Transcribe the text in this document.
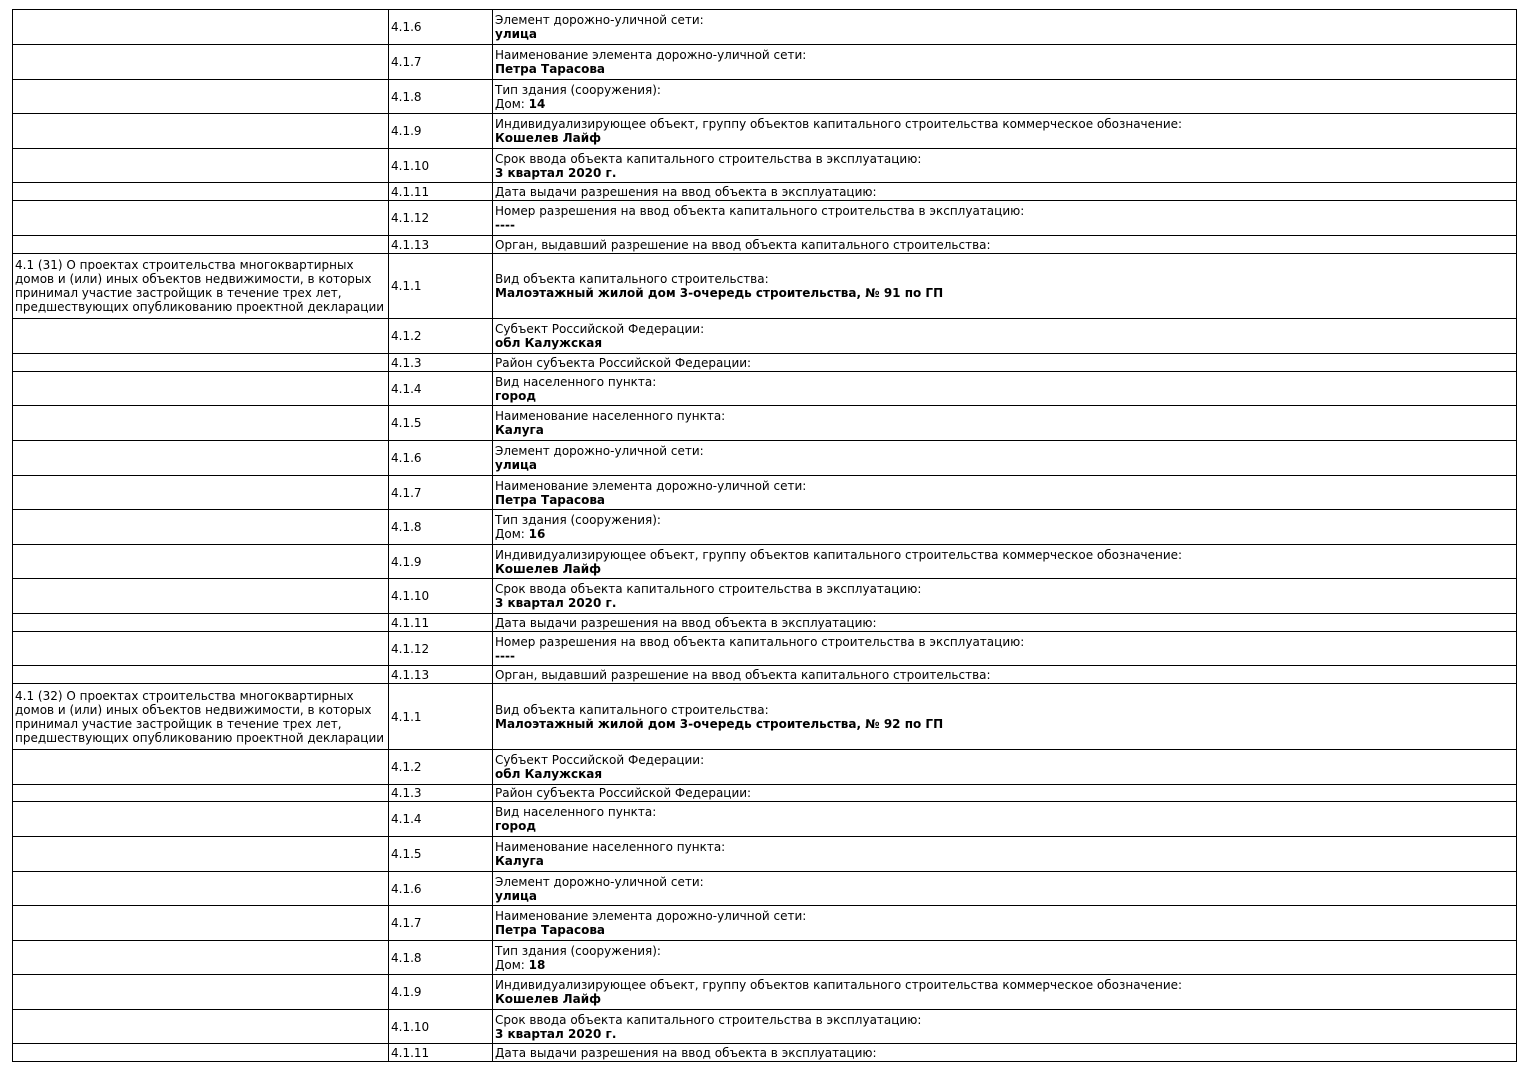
	4.1.6	Элемент дорожно-уличной сети:
улица

	4.1.7	Наименование элемента дорожно-уличной сети:
Петра Тарасова

	4.1.8	Тип здания (сооружения):
Дом: 14

	4.1.9	Индивидуализирующее объект, группу объектов капитального строительства коммерческое обозначение:
Кошелев Лайф

	4.1.10	Срок ввода объекта капитального строительства в эксплуатацию:
3 квартал 2020 г.

	4.1.11	Дата выдачи разрешения на ввод объекта в эксплуатацию:

	4.1.12	Номер разрешения на ввод объекта капитального строительства в эксплуатацию:
----

	4.1.13	Орган, выдавший разрешение на ввод объекта капитального строительства:

4.1 (31) О проектах строительства многоквартирных домов и (или) иных объектов недвижимости, в которых принимал участие застройщик в течение трех лет, предшествующих опубликованию проектной декларации	4.1.1	Вид объекта капитального строительства:
Малоэтажный жилой дом 3-очередь строительства, № 91 по ГП

	4.1.2	Субъект Российской Федерации:
обл Калужская

	4.1.3	Район субъекта Российской Федерации:

	4.1.4	Вид населенного пункта:
город

	4.1.5	Наименование населенного пункта:
Калуга

	4.1.6	Элемент дорожно-уличной сети:
улица

	4.1.7	Наименование элемента дорожно-уличной сети:
Петра Тарасова

	4.1.8	Тип здания (сооружения):
Дом: 16

	4.1.9	Индивидуализирующее объект, группу объектов капитального строительства коммерческое обозначение:
Кошелев Лайф

	4.1.10	Срок ввода объекта капитального строительства в эксплуатацию:
3 квартал 2020 г.

	4.1.11	Дата выдачи разрешения на ввод объекта в эксплуатацию:

	4.1.12	Номер разрешения на ввод объекта капитального строительства в эксплуатацию:
----

	4.1.13	Орган, выдавший разрешение на ввод объекта капитального строительства:

4.1 (32) О проектах строительства многоквартирных домов и (или) иных объектов недвижимости, в которых принимал участие застройщик в течение трех лет, предшествующих опубликованию проектной декларации	4.1.1	Вид объекта капитального строительства:
Малоэтажный жилой дом 3-очередь строительства, № 92 по ГП

	4.1.2	Субъект Российской Федерации:
обл Калужская

	4.1.3	Район субъекта Российской Федерации:

	4.1.4	Вид населенного пункта:
город

	4.1.5	Наименование населенного пункта:
Калуга

	4.1.6	Элемент дорожно-уличной сети:
улица

	4.1.7	Наименование элемента дорожно-уличной сети:
Петра Тарасова

	4.1.8	Тип здания (сооружения):
Дом: 18

	4.1.9	Индивидуализирующее объект, группу объектов капитального строительства коммерческое обозначение:
Кошелев Лайф

	4.1.10	Срок ввода объекта капитального строительства в эксплуатацию:
3 квартал 2020 г.

	4.1.11	Дата выдачи разрешения на ввод объекта в эксплуатацию:
